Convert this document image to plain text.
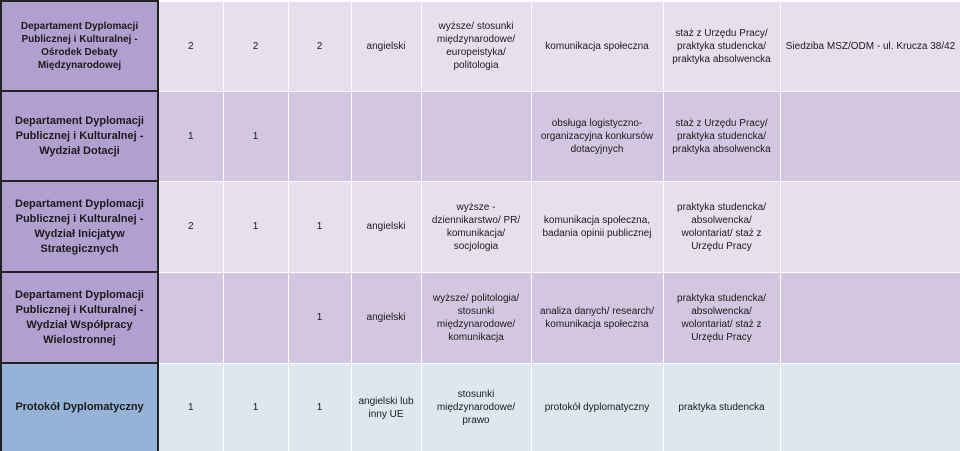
Departament Dyplomacji Publicznej i Kulturalnej - Ośrodek Debaty Międzynarodowej	2	2	2	angielski	wyższe/ stosunki międzynarodowe/ europeistyka/ politologia	komunikacja społeczna	staż z Urzędu Pracy/ praktyka studencka/ praktyka absolwencka	Siedziba MSZ/ODM - ul. Krucza 38/42
Departament Dyplomacji Publicznej i Kulturalnej - Wydział Dotacji	1	1				obsługa logistyczno-organizacyjna konkursów dotacyjnych	staż z Urzędu Pracy/ praktyka studencka/ praktyka absolwencka	
Departament Dyplomacji Publicznej i Kulturalnej - Wydział Inicjatyw Strategicznych	2	1	1	angielski	wyższe - dziennikarstwo/ PR/ komunikacja/ socjologia	komunikacja społeczna, badania opinii publicznej	praktyka studencka/ absolwencka/ wolontariat/ staż z Urzędu Pracy	
Departament Dyplomacji Publicznej i Kulturalnej - Wydział Współpracy Wielostronnej			1	angielski	wyższe/ politologia/ stosunki międzynarodowe/ komunikacja	analiza danych/ research/ komunikacja społeczna	praktyka studencka/ absolwencka/ wolontariat/ staż z Urzędu Pracy	
Protokół Dyplomatyczny	1	1	1	angielski lub inny UE	stosunki międzynarodowe/ prawo	protokół dyplomatyczny	praktyka studencka	
